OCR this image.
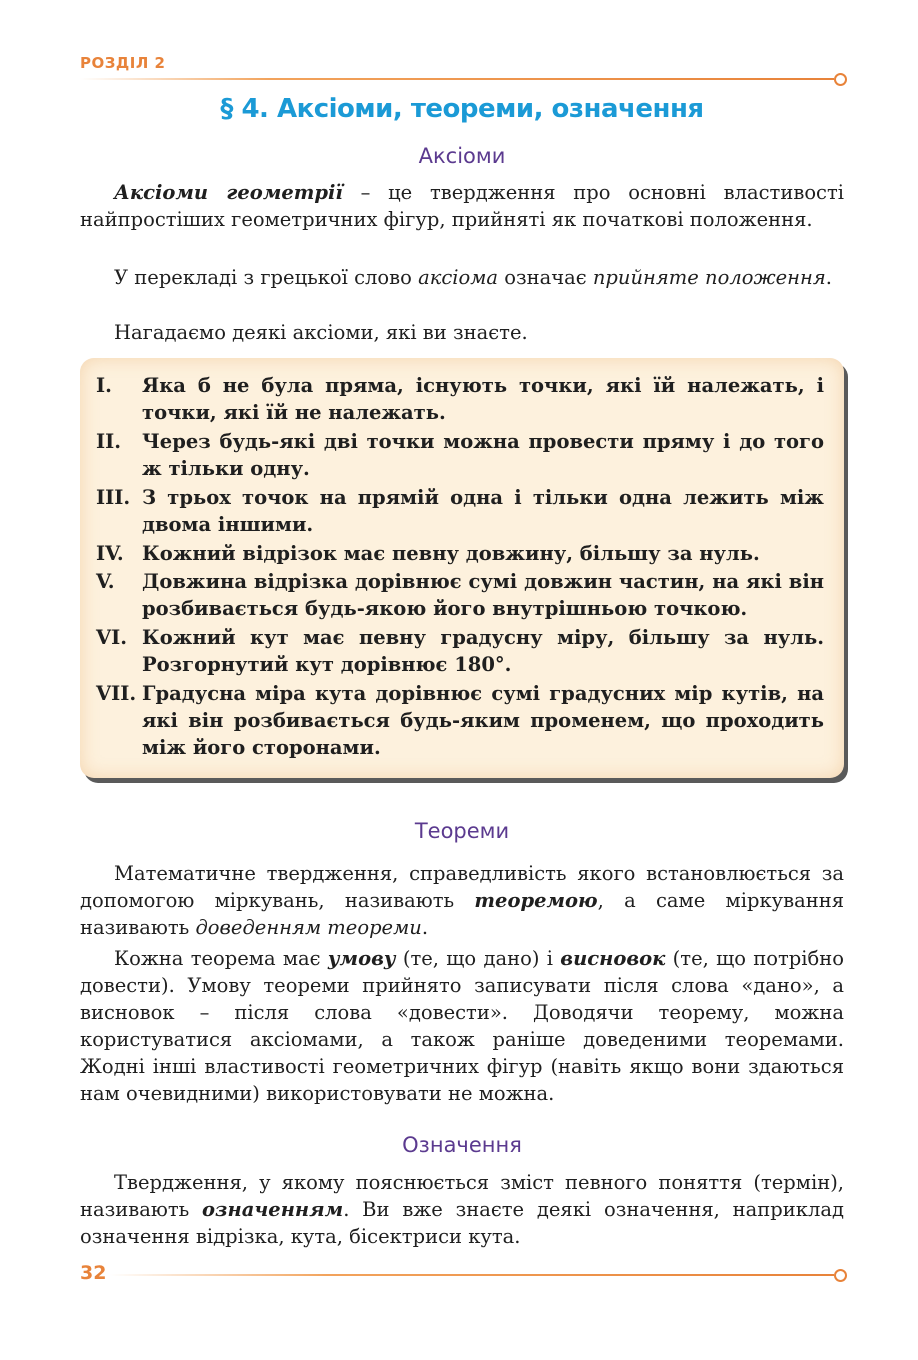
РОЗДІЛ 2
§ 4. Аксіоми, теореми, означення
Аксіоми

Аксіоми геометрії – це твердження про основні властивості найпростіших геометричних фігур, прийняті як початкові положення.

У перекладі з грецької слово аксіома означає прийняте положення.

Нагадаємо деякі аксіоми, які ви знаєте.

I.	Яка б не була пряма, існують точки, які їй належать, і точки, які їй не належать.
II.	Через будь-які дві точки можна провести пряму і до того ж тільки одну.
III. З трьох точок на прямій одна і тільки одна лежить між двома іншими.
IV. Кожний відрізок має певну довжину, більшу за нуль.
V.	Довжина відрізка дорівнює сумі довжин частин, на які він розбивається будь-якою його внутрішньою точкою.
VI. Кожний кут має певну градусну міру, більшу за нуль. Розгорнутий кут дорівнює 180°.
VII. Градусна міра кута дорівнює сумі градусних мір кутів, на які він розбивається будь-яким променем, що проходить між його сторонами.
Теореми

Математичне твердження, справедливість якого встановлюється за допомогою міркувань, називають теоремою, а саме міркування називають доведенням теореми.

Кожна теорема має умову (те, що дано) і висновок (те, що потрібно довести). Умову теореми прийнято записувати після слова «дано», а висновок – після слова «довести». Доводячи теорему, можна користуватися аксіомами, а також раніше доведеними теоремами. Жодні інші властивості геометричних фігур (навіть якщо вони здаються нам очевидними) використовувати не можна.

Означення

Твердження, у якому пояснюється зміст певного поняття (термін), називають означенням. Ви вже знаєте деякі означення, наприклад означення відрізка, кута, бісектриси кута.

32
